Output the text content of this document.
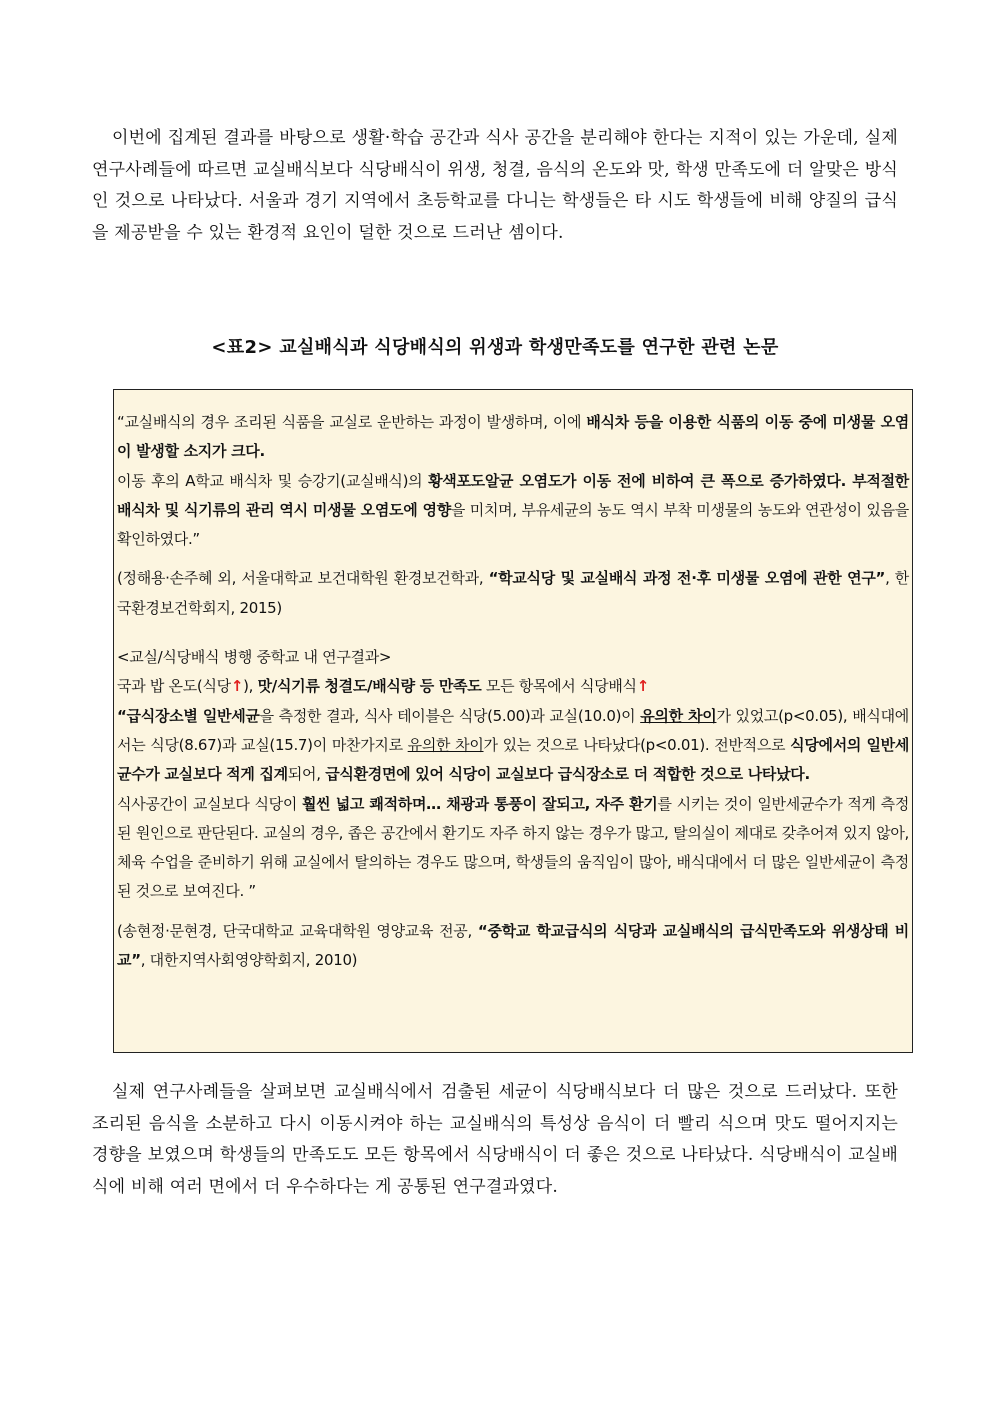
이번에 집계된 결과를 바탕으로 생활·학습 공간과 식사 공간을 분리해야 한다는 지적이 있는 가운데, 실제 연구사례들에 따르면 교실배식보다 식당배식이 위생, 청결, 음식의 온도와 맛, 학생 만족도에 더 알맞은 방식인 것으로 나타났다. 서울과 경기 지역에서 초등학교를 다니는 학생들은 타 시도 학생들에 비해 양질의 급식을 제공받을 수 있는 환경적 요인이 덜한 것으로 드러난 셈이다.
<표2> 교실배식과 식당배식의 위생과 학생만족도를 연구한 관련 논문
“교실배식의 경우 조리된 식품을 교실로 운반하는 과정이 발생하며, 이에 배식차 등을 이용한 식품의 이동 중에 미생물 오염이 발생할 소지가 크다.
이동 후의 A학교 배식차 및 승강기(교실배식)의 황색포도알균 오염도가 이동 전에 비하여 큰 폭으로 증가하였다. 부적절한 배식차 및 식기류의 관리 역시 미생물 오염도에 영향을 미치며, 부유세균의 농도 역시 부착 미생물의 농도와 연관성이 있음을 확인하였다.”
(정해용·손주혜 외, 서울대학교 보건대학원 환경보건학과, “학교식당 및 교실배식 과정 전·후 미생물 오염에 관한 연구”, 한국환경보건학회지, 2015)
<교실/식당배식 병행 중학교 내 연구결과>
국과 밥 온도(식당↑), 맛/식기류 청결도/배식량 등 만족도 모든 항목에서 식당배식↑
“급식장소별 일반세균을 측정한 결과, 식사 테이블은 식당(5.00)과 교실(10.0)이 유의한 차이가 있었고(p<0.05), 배식대에서는 식당(8.67)과 교실(15.7)이 마찬가지로 유의한 차이가 있는 것으로 나타났다(p<0.01). 전반적으로 식당에서의 일반세균수가 교실보다 적게 집계되어, 급식환경면에 있어 식당이 교실보다 급식장소로 더 적합한 것으로 나타났다.
식사공간이 교실보다 식당이 훨씬 넓고 쾌적하며… 채광과 통풍이 잘되고, 자주 환기를 시키는 것이 일반세균수가 적게 측정된 원인으로 판단된다. 교실의 경우, 좁은 공간에서 환기도 자주 하지 않는 경우가 많고, 탈의실이 제대로 갖추어져 있지 않아, 체육 수업을 준비하기 위해 교실에서 탈의하는 경우도 많으며, 학생들의 움직임이 많아, 배식대에서 더 많은 일반세균이 측정된 것으로 보여진다. ”
(송현정·문현경, 단국대학교 교육대학원 영양교육 전공, “중학교 학교급식의 식당과 교실배식의 급식만족도와 위생상태 비교”, 대한지역사회영양학회지, 2010)
실제 연구사례들을 살펴보면 교실배식에서 검출된 세균이 식당배식보다 더 많은 것으로 드러났다. 또한 조리된 음식을 소분하고 다시 이동시켜야 하는 교실배식의 특성상 음식이 더 빨리 식으며 맛도 떨어지지는 경향을 보였으며 학생들의 만족도도 모든 항목에서 식당배식이 더 좋은 것으로 나타났다. 식당배식이 교실배식에 비해 여러 면에서 더 우수하다는 게 공통된 연구결과였다.
